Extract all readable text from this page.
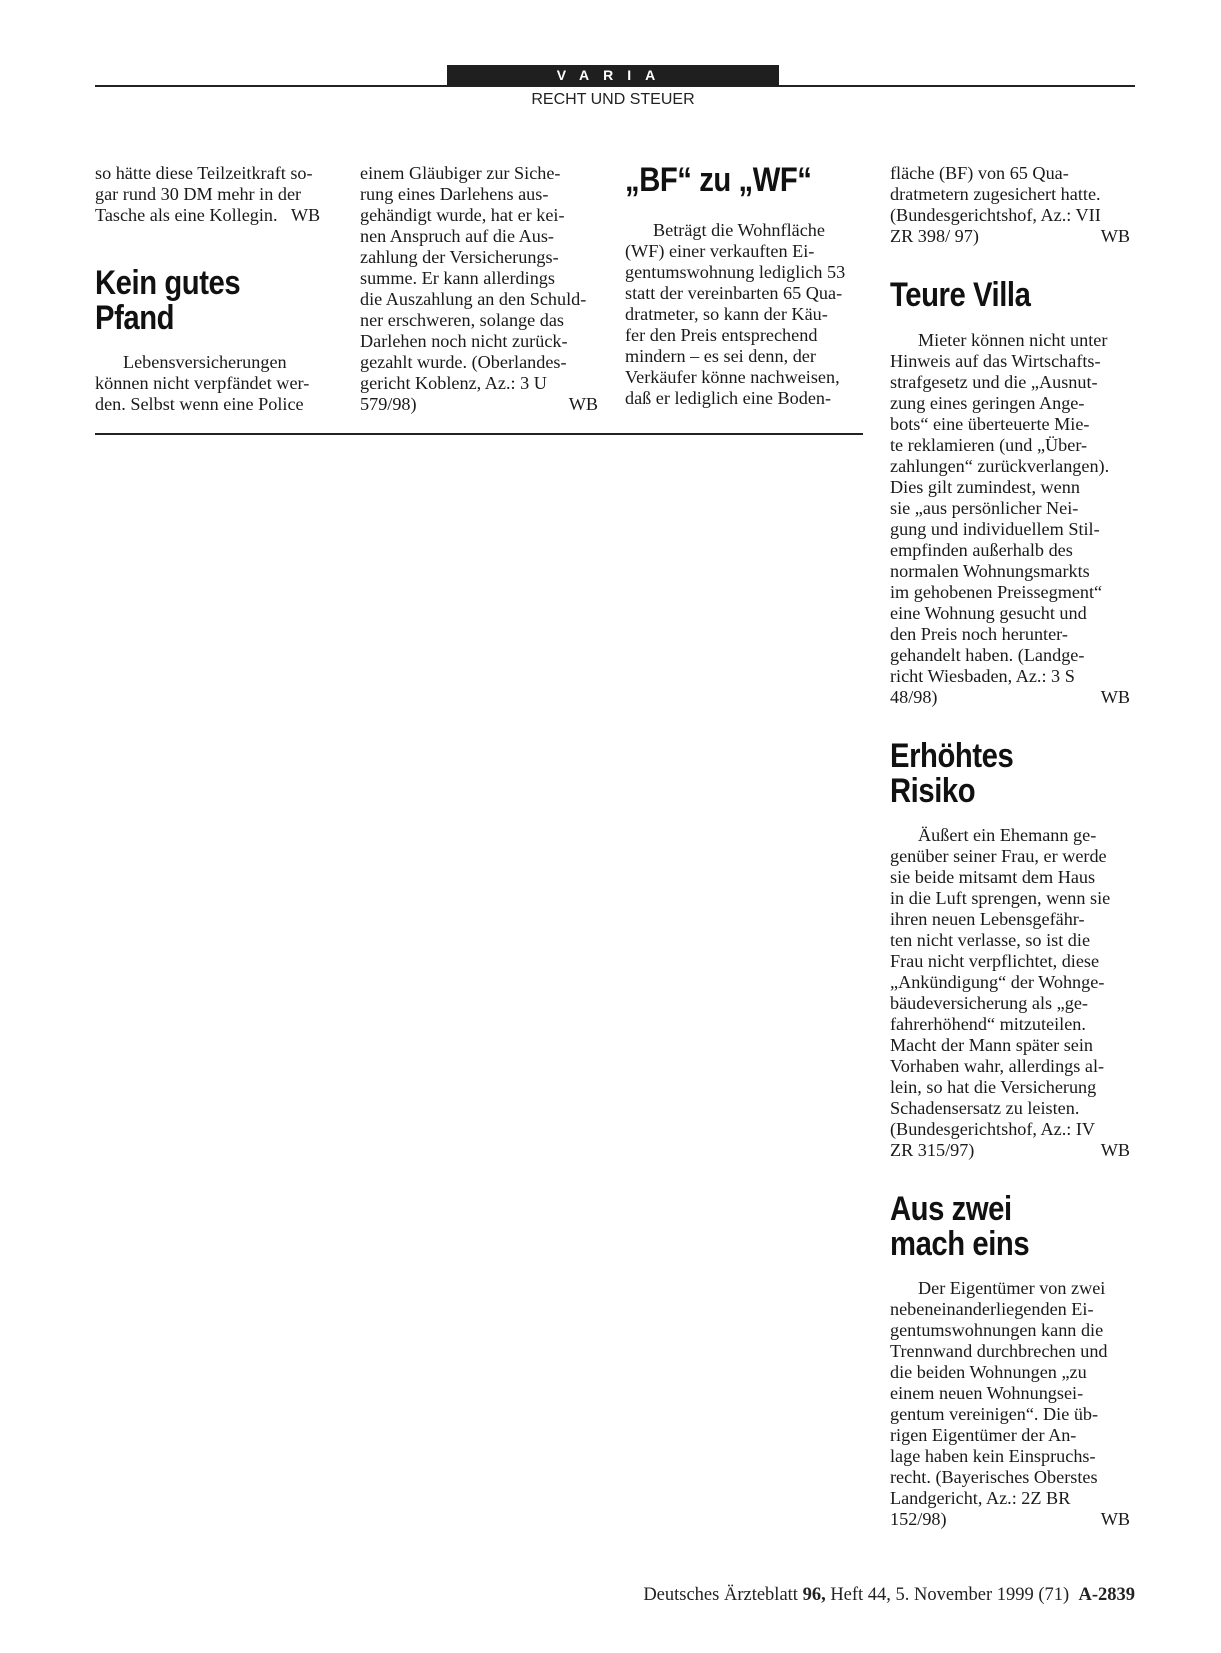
VARIA
RECHT UND STEUER

so hätte diese Teilzeitkraft so-

gar rund 30 DM mehr in der

Tasche als eine Kollegin.   WB

Kein gutes

Pfand

Lebensversicherungen

können nicht verpfändet wer-

den. Selbst wenn eine Police

einem Gläubiger zur Siche-

rung eines Darlehens aus-

gehändigt wurde, hat er kei-

nen Anspruch auf die Aus-

zahlung der Versicherungs-

summe. Er kann allerdings

die Auszahlung an den Schuld-

ner erschweren, solange das

Darlehen noch nicht zurück-

gezahlt wurde. (Oberlandes-

gericht Koblenz, Az.: 3 U

579/98)	WB

„BF“ zu „WF“

Beträgt die Wohnfläche

(WF) einer verkauften Ei-

gentumswohnung lediglich 53

statt der vereinbarten 65 Qua-

dratmeter, so kann der Käu-

fer den Preis entsprechend

mindern – es sei denn, der

Verkäufer könne nachweisen,

daß er lediglich eine Boden-

fläche (BF) von 65 Qua-

dratmetern zugesichert hatte.

(Bundesgerichtshof, Az.: VII

ZR 398/ 97)	WB

Teure Villa

Mieter können nicht unter

Hinweis auf das Wirtschafts-

strafgesetz und die „Ausnut-

zung eines geringen Ange-

bots“ eine überteuerte Mie-

te reklamieren (und „Über-

zahlungen“ zurückverlangen).

Dies gilt zumindest, wenn

sie „aus persönlicher Nei-

gung und individuellem Stil-

empfinden außerhalb des

normalen Wohnungsmarkts

im gehobenen Preissegment“

eine Wohnung gesucht und

den Preis noch herunter-

gehandelt haben. (Landge-

richt Wiesbaden, Az.: 3 S

48/98)	WB

Erhöhtes

Risiko

Äußert ein Ehemann ge-

genüber seiner Frau, er werde

sie beide mitsamt dem Haus

in die Luft sprengen, wenn sie

ihren neuen Lebensgefähr-

ten nicht verlasse, so ist die

Frau nicht verpflichtet, diese

„Ankündigung“ der Wohnge-

bäudeversicherung als „ge-

fahrerhöhend“ mitzuteilen.

Macht der Mann später sein

Vorhaben wahr, allerdings al-

lein, so hat die Versicherung

Schadensersatz zu leisten.

(Bundesgerichtshof, Az.: IV

ZR 315/97)	WB

Aus zwei

mach eins

Der Eigentümer von zwei

nebeneinanderliegenden Ei-

gentumswohnungen kann die

Trennwand durchbrechen und

die beiden Wohnungen „zu

einem neuen Wohnungsei-

gentum vereinigen“. Die üb-

rigen Eigentümer der An-

lage haben kein Einspruchs-

recht. (Bayerisches Oberstes

Landgericht, Az.: 2Z BR

152/98)	WB
Deutsches Ärzteblatt 96, Heft 44, 5. November 1999 (71) A-2839
